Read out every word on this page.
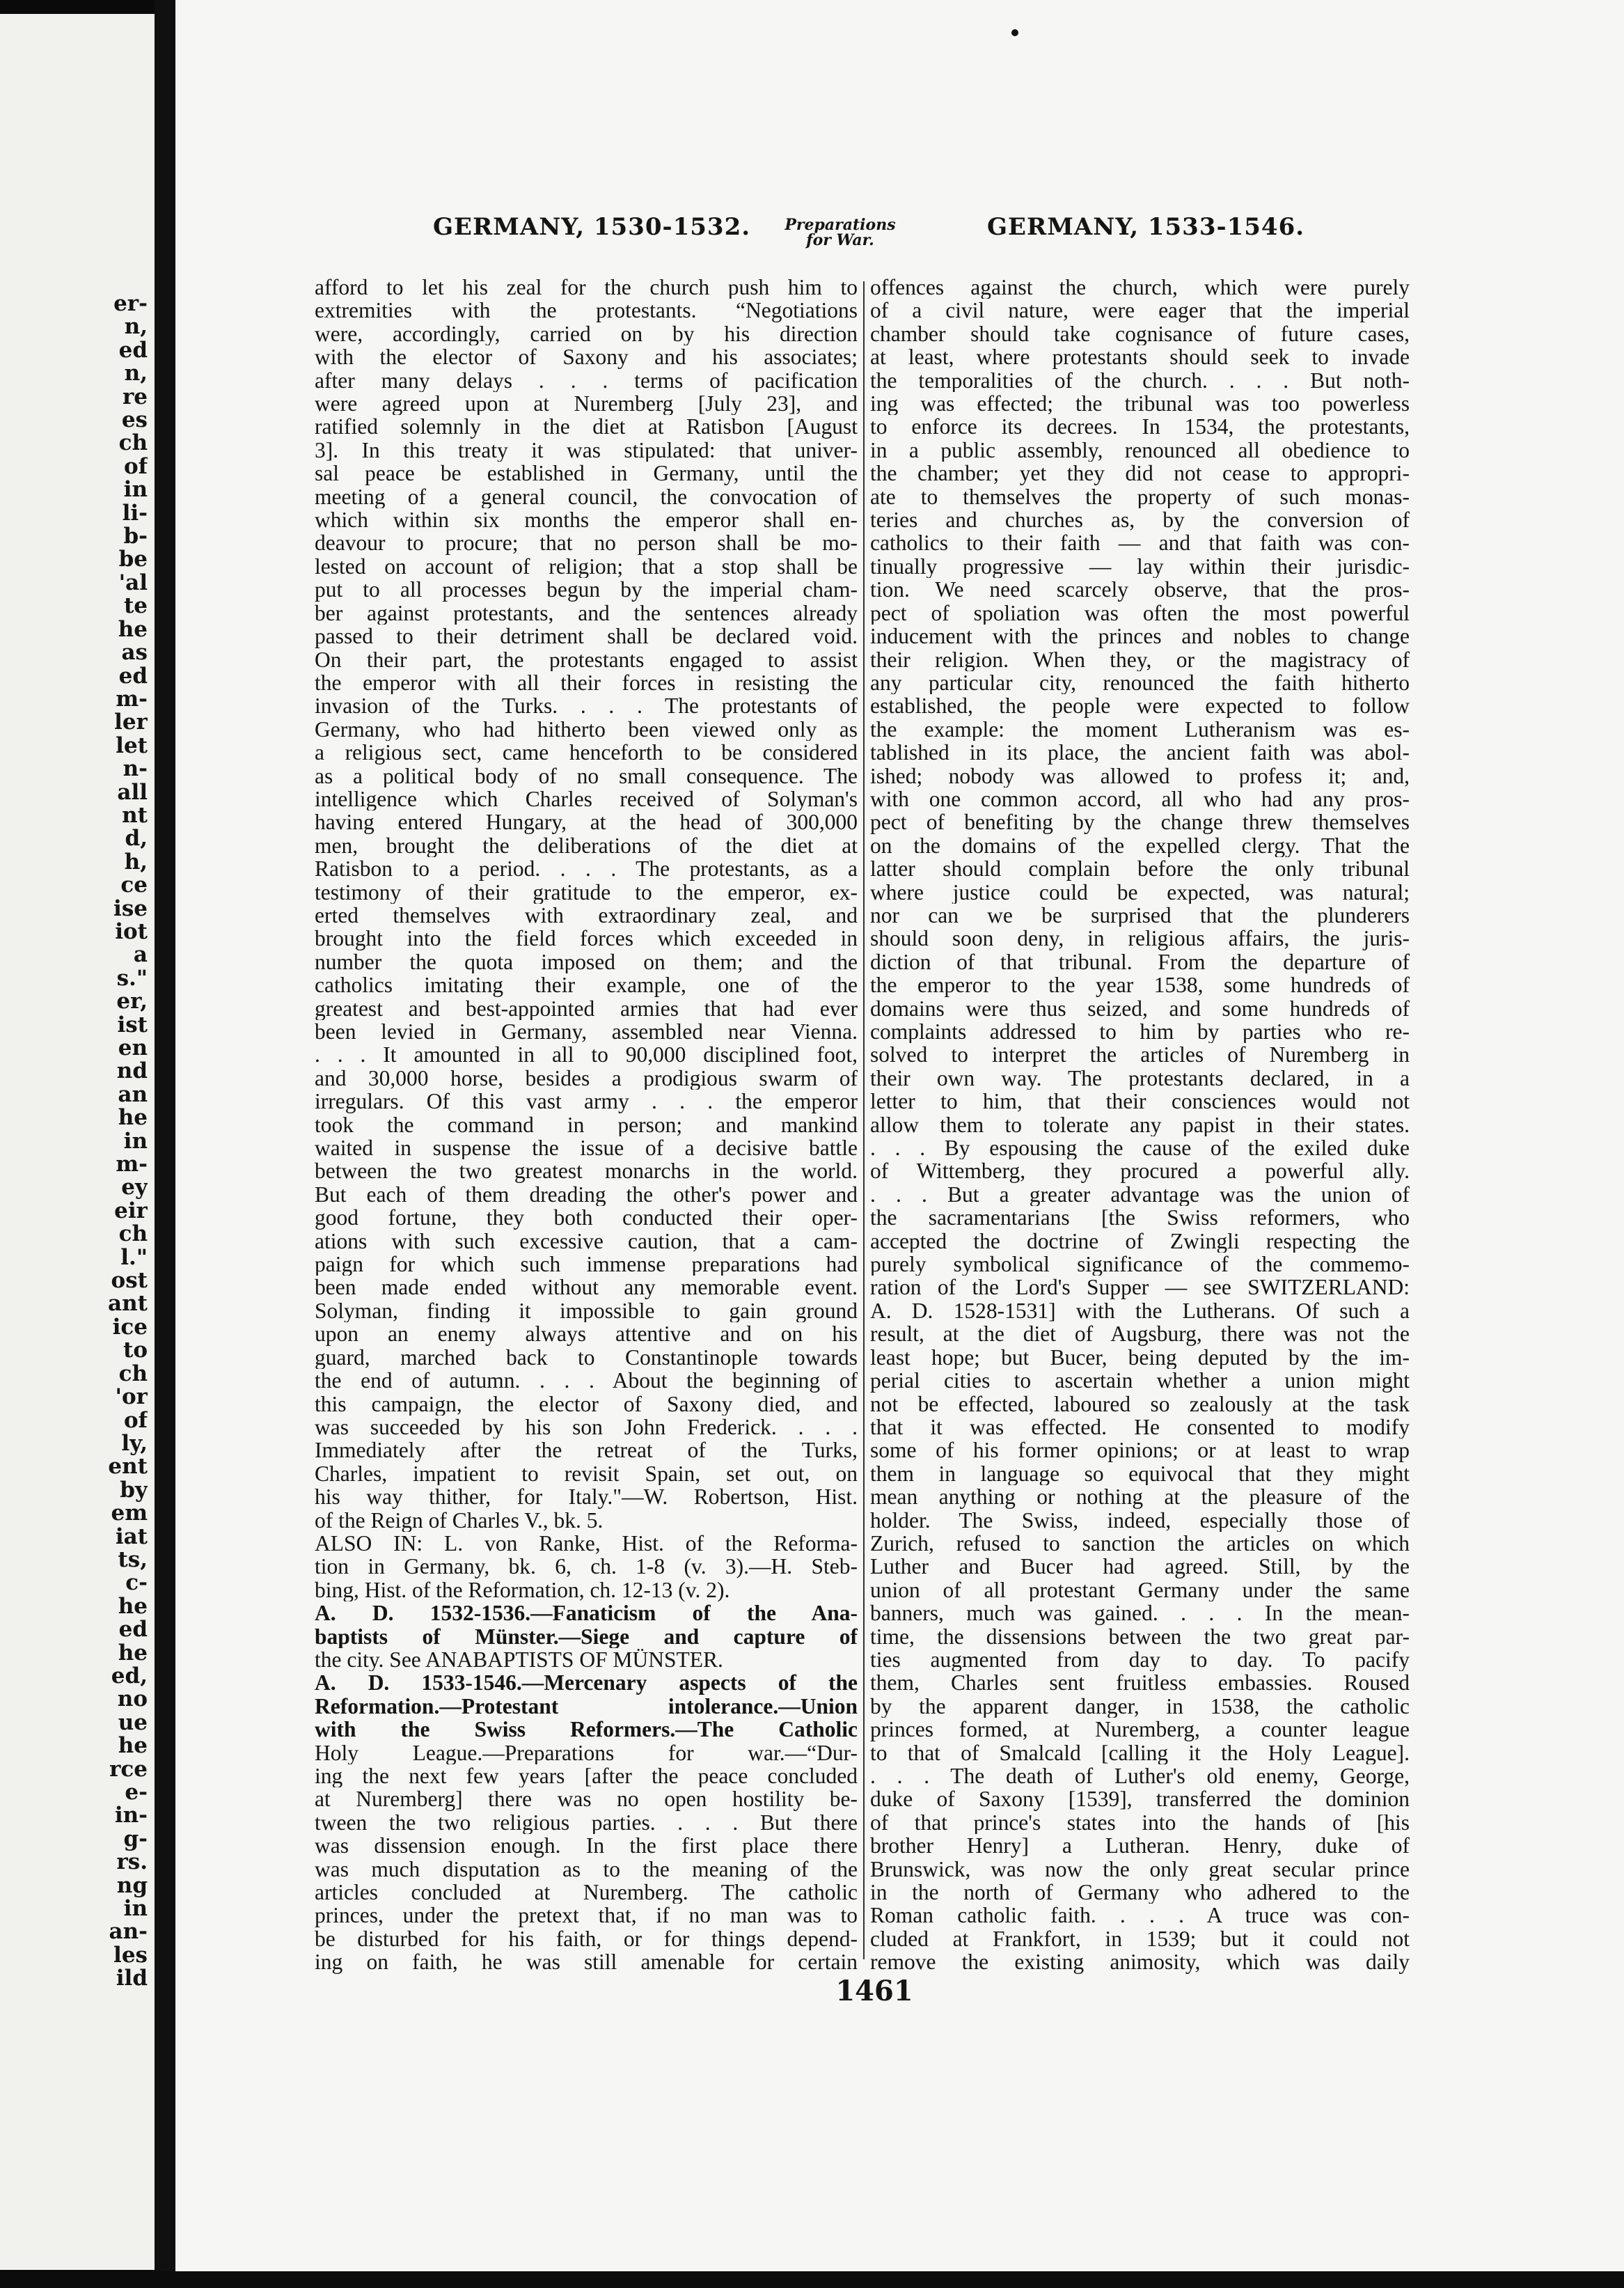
er-
n,
ed
n,
re
es
ch
of
in
li-
b-
be
'al
te
he
as
ed
m-
ler
let
n-
all
nt
d,
h,
ce
ise
iot
a
s."
er,
ist
en
nd
an
he
in
m-
ey
eir
ch
l."
ost
ant
ice
to
ch
'or
of
ly,
ent
by
em
iat
ts,
c-
he
ed
he
ed,
no
ue
he
rce
e-
in-
g-
rs.
ng
in
an-
les
ild
GERMANY, 1530-1532.	Preparations
for War.	GERMANY, 1533-1546.
afford to let his zeal for the church push him to
extremities with the protestants. “Negotiations
were, accordingly, carried on by his direction
with the elector of Saxony and his associates;
after many delays . . . terms of pacification
were agreed upon at Nuremberg [July 23], and
ratified solemnly in the diet at Ratisbon [August
3]. In this treaty it was stipulated: that univer-
sal peace be established in Germany, until the
meeting of a general council, the convocation of
which within six months the emperor shall en-
deavour to procure; that no person shall be mo-
lested on account of religion; that a stop shall be
put to all processes begun by the imperial cham-
ber against protestants, and the sentences already
passed to their detriment shall be declared void.
On their part, the protestants engaged to assist
the emperor with all their forces in resisting the
invasion of the Turks. . . . The protestants of
Germany, who had hitherto been viewed only as
a religious sect, came henceforth to be considered
as a political body of no small consequence. The
intelligence which Charles received of Solyman's
having entered Hungary, at the head of 300,000
men, brought the deliberations of the diet at
Ratisbon to a period. . . . The protestants, as a
testimony of their gratitude to the emperor, ex-
erted themselves with extraordinary zeal, and
brought into the field forces which exceeded in
number the quota imposed on them; and the
catholics imitating their example, one of the
greatest and best-appointed armies that had ever
been levied in Germany, assembled near Vienna.
. . . It amounted in all to 90,000 disciplined foot,
and 30,000 horse, besides a prodigious swarm of
irregulars. Of this vast army . . . the emperor
took the command in person; and mankind
waited in suspense the issue of a decisive battle
between the two greatest monarchs in the world.
But each of them dreading the other's power and
good fortune, they both conducted their oper-
ations with such excessive caution, that a cam-
paign for which such immense preparations had
been made ended without any memorable event.
Solyman, finding it impossible to gain ground
upon an enemy always attentive and on his
guard, marched back to Constantinople towards
the end of autumn. . . . About the beginning of
this campaign, the elector of Saxony died, and
was succeeded by his son John Frederick. . . .
Immediately after the retreat of the Turks,
Charles, impatient to revisit Spain, set out, on
his way thither, for Italy."—W. Robertson, Hist.
of the Reign of Charles V., bk. 5.
ALSO IN: L. von Ranke, Hist. of the Reforma-
tion in Germany, bk. 6, ch. 1-8 (v. 3).—H. Steb-
bing, Hist. of the Reformation, ch. 12-13 (v. 2).
A. D. 1532-1536.—Fanaticism of the Ana-
baptists of Münster.—Siege and capture of
the city. See ANABAPTISTS OF MÜNSTER.
A. D. 1533-1546.—Mercenary aspects of the
Reformation.—Protestant intolerance.—Union
with the Swiss Reformers.—The Catholic
Holy League.—Preparations for war.—“Dur-
ing the next few years [after the peace concluded
at Nuremberg] there was no open hostility be-
tween the two religious parties. . . . But there
was dissension enough. In the first place there
was much disputation as to the meaning of the
articles concluded at Nuremberg. The catholic
princes, under the pretext that, if no man was to
be disturbed for his faith, or for things depend-
ing on faith, he was still amenable for certain
offences against the church, which were purely
of a civil nature, were eager that the imperial
chamber should take cognisance of future cases,
at least, where protestants should seek to invade
the temporalities of the church. . . . But noth-
ing was effected; the tribunal was too powerless
to enforce its decrees. In 1534, the protestants,
in a public assembly, renounced all obedience to
the chamber; yet they did not cease to appropri-
ate to themselves the property of such monas-
teries and churches as, by the conversion of
catholics to their faith — and that faith was con-
tinually progressive — lay within their jurisdic-
tion. We need scarcely observe, that the pros-
pect of spoliation was often the most powerful
inducement with the princes and nobles to change
their religion. When they, or the magistracy of
any particular city, renounced the faith hitherto
established, the people were expected to follow
the example: the moment Lutheranism was es-
tablished in its place, the ancient faith was abol-
ished; nobody was allowed to profess it; and,
with one common accord, all who had any pros-
pect of benefiting by the change threw themselves
on the domains of the expelled clergy. That the
latter should complain before the only tribunal
where justice could be expected, was natural;
nor can we be surprised that the plunderers
should soon deny, in religious affairs, the juris-
diction of that tribunal. From the departure of
the emperor to the year 1538, some hundreds of
domains were thus seized, and some hundreds of
complaints addressed to him by parties who re-
solved to interpret the articles of Nuremberg in
their own way. The protestants declared, in a
letter to him, that their consciences would not
allow them to tolerate any papist in their states.
. . . By espousing the cause of the exiled duke
of Wittemberg, they procured a powerful ally.
. . . But a greater advantage was the union of
the sacramentarians [the Swiss reformers, who
accepted the doctrine of Zwingli respecting the
purely symbolical significance of the commemo-
ration of the Lord's Supper — see SWITZERLAND:
A. D. 1528-1531] with the Lutherans. Of such a
result, at the diet of Augsburg, there was not the
least hope; but Bucer, being deputed by the im-
perial cities to ascertain whether a union might
not be effected, laboured so zealously at the task
that it was effected. He consented to modify
some of his former opinions; or at least to wrap
them in language so equivocal that they might
mean anything or nothing at the pleasure of the
holder. The Swiss, indeed, especially those of
Zurich, refused to sanction the articles on which
Luther and Bucer had agreed. Still, by the
union of all protestant Germany under the same
banners, much was gained. . . . In the mean-
time, the dissensions between the two great par-
ties augmented from day to day. To pacify
them, Charles sent fruitless embassies. Roused
by the apparent danger, in 1538, the catholic
princes formed, at Nuremberg, a counter league
to that of Smalcald [calling it the Holy League].
. . . The death of Luther's old enemy, George,
duke of Saxony [1539], transferred the dominion
of that prince's states into the hands of [his
brother Henry] a Lutheran. Henry, duke of
Brunswick, was now the only great secular prince
in the north of Germany who adhered to the
Roman catholic faith. . . . A truce was con-
cluded at Frankfort, in 1539; but it could not
remove the existing animosity, which was daily
1461
